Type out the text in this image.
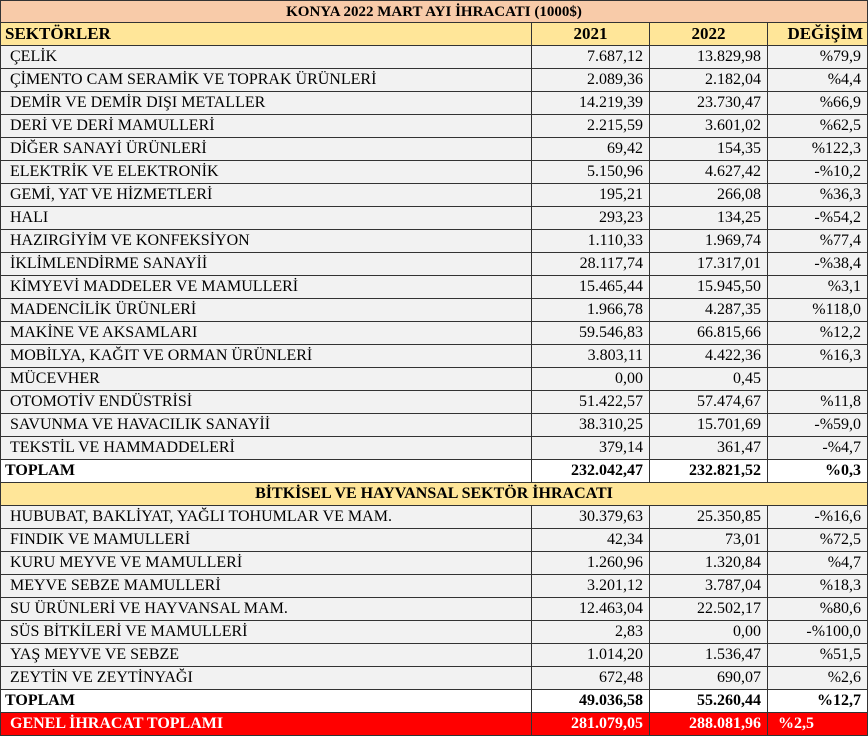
KONYA 2022 MART AYI İHRACATI (1000$)			
SEKTÖRLER	2021	2022	DEĞİŞİM
ÇELİK	7.687,12	13.829,98	%79,9
ÇİMENTO CAM SERAMİK VE TOPRAK ÜRÜNLERİ	2.089,36	2.182,04	%4,4
DEMİR VE DEMİR DIŞI METALLER	14.219,39	23.730,47	%66,9
DERİ VE DERİ MAMULLERİ	2.215,59	3.601,02	%62,5
DİĞER SANAYİ ÜRÜNLERİ	69,42	154,35	%122,3
ELEKTRİK VE ELEKTRONİK	5.150,96	4.627,42	-%10,2
GEMİ, YAT VE HİZMETLERİ	195,21	266,08	%36,3
HALI	293,23	134,25	-%54,2
HAZIRGİYİM VE KONFEKSİYON	1.110,33	1.969,74	%77,4
İKLİMLENDİRME SANAYİİ	28.117,74	17.317,01	-%38,4
KİMYEVİ MADDELER VE MAMULLERİ	15.465,44	15.945,50	%3,1
MADENCİLİK ÜRÜNLERİ	1.966,78	4.287,35	%118,0
MAKİNE VE AKSAMLARI	59.546,83	66.815,66	%12,2
MOBİLYA, KAĞIT VE ORMAN ÜRÜNLERİ	3.803,11	4.422,36	%16,3
MÜCEVHER	0,00	0,45	
OTOMOTİV ENDÜSTRİSİ	51.422,57	57.474,67	%11,8
SAVUNMA VE HAVACILIK SANAYİİ	38.310,25	15.701,69	-%59,0
TEKSTİL VE HAMMADDELERİ	379,14	361,47	-%4,7
TOPLAM	232.042,47	232.821,52	%0,3
BİTKİSEL VE HAYVANSAL SEKTÖR İHRACATI			
HUBUBAT, BAKLİYAT, YAĞLI TOHUMLAR VE MAM.	30.379,63	25.350,85	-%16,6
FINDIK VE MAMULLERİ	42,34	73,01	%72,5
KURU MEYVE VE MAMULLERİ	1.260,96	1.320,84	%4,7
MEYVE SEBZE MAMULLERİ	3.201,12	3.787,04	%18,3
SU ÜRÜNLERİ VE HAYVANSAL MAM.	12.463,04	22.502,17	%80,6
SÜS BİTKİLERİ VE MAMULLERİ	2,83	0,00	-%100,0
YAŞ MEYVE VE SEBZE	1.014,20	1.536,47	%51,5
ZEYTİN VE ZEYTİNYAĞI	672,48	690,07	%2,6
TOPLAM	49.036,58	55.260,44	%12,7
GENEL İHRACAT TOPLAMI	281.079,05	288.081,96	%2,5
